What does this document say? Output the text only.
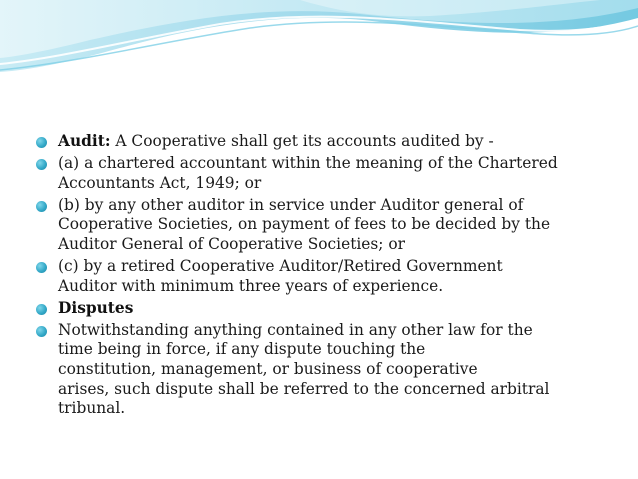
Audit: A Cooperative shall get its accounts audited by -
(a) a chartered accountant within the meaning of the Chartered
Accountants Act, 1949; or
(b) by any other auditor in service under Auditor general of
Cooperative Societies, on payment of fees to be decided by the
Auditor General of Cooperative Societies; or
(c) by a retired Cooperative Auditor/Retired Government
Auditor with minimum three years of experience.
Disputes
Notwithstanding anything contained in any other law for the
time being in force, if any dispute touching the
constitution, management, or business of cooperative
arises, such dispute shall be referred to the concerned arbitral
tribunal.
